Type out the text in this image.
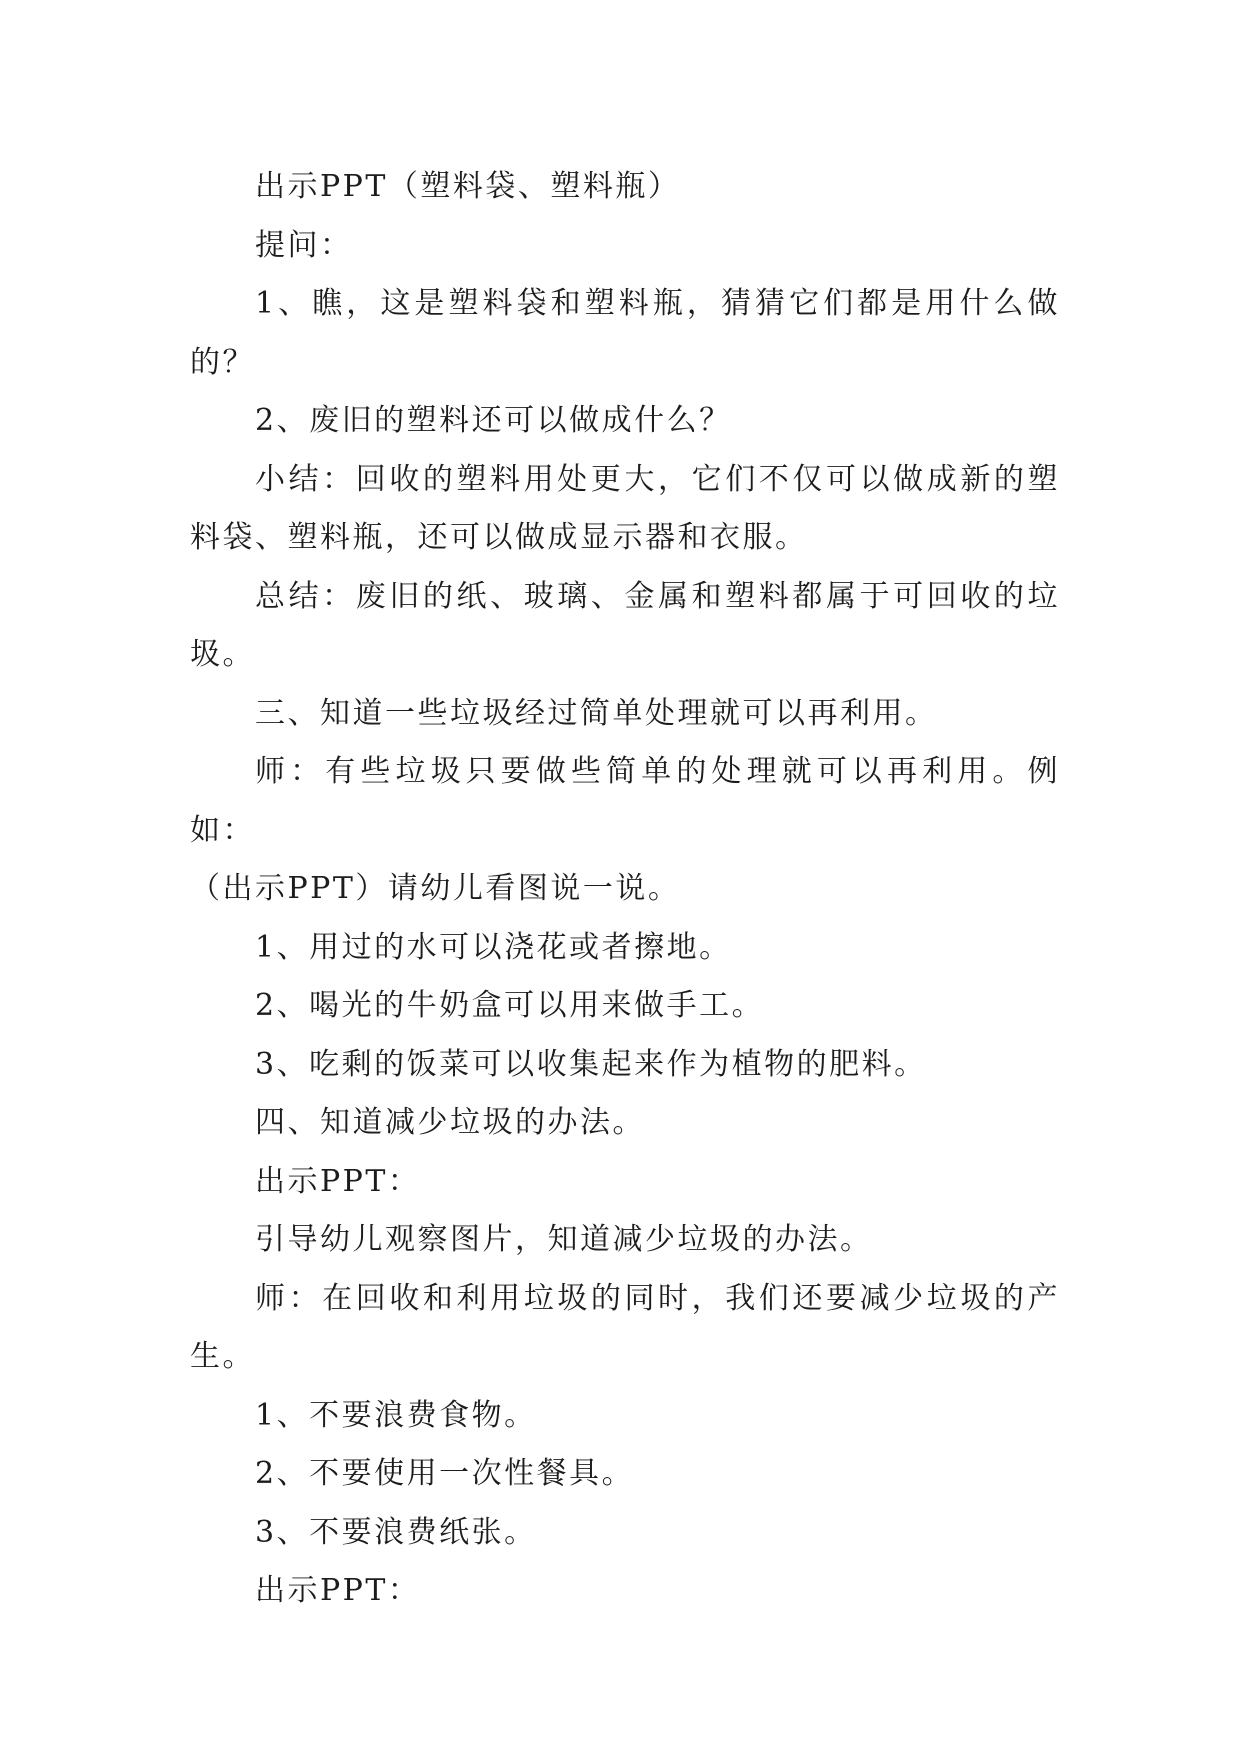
出示PPT（塑料袋、塑料瓶）

提问：

1、瞧，这是塑料袋和塑料瓶，猜猜它们都是用什么做的？

2、废旧的塑料还可以做成什么？

小结：回收的塑料用处更大，它们不仅可以做成新的塑料袋、塑料瓶，还可以做成显示器和衣服。

总结：废旧的纸、玻璃、金属和塑料都属于可回收的垃圾。

三、知道一些垃圾经过简单处理就可以再利用。

师：有些垃圾只要做些简单的处理就可以再利用。例如：

（出示PPT）请幼儿看图说一说。

1、用过的水可以浇花或者擦地。

2、喝光的牛奶盒可以用来做手工。

3、吃剩的饭菜可以收集起来作为植物的肥料。

四、知道减少垃圾的办法。

出示PPT：

引导幼儿观察图片，知道减少垃圾的办法。

师：在回收和利用垃圾的同时，我们还要减少垃圾的产生。

1、不要浪费食物。

2、不要使用一次性餐具。

3、不要浪费纸张。

出示PPT：
